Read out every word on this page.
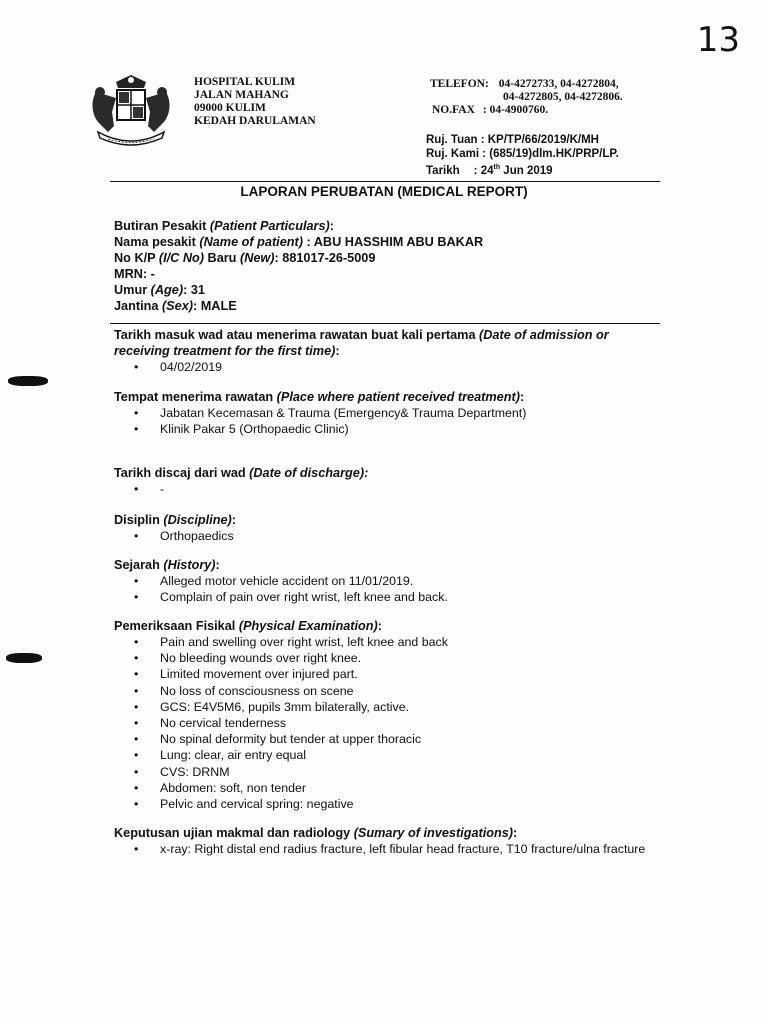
13
HOSPITAL KULIM
JALAN MAHANG
09000 KULIM
KEDAH DARULAMAN
TELEFON: 04-4272733, 04-4272804,
04-4272805, 04-4272806.
NO.FAX : 04-4900760.
Ruj. Tuan : KP/TP/66/2019/K/MH
Ruj. Kami : (685/19)dlm.HK/PRP/LP.
Tarikh : 24th Jun 2019
LAPORAN PERUBATAN (MEDICAL REPORT)
Butiran Pesakit (Patient Particulars):
Nama pesakit (Name of patient) : ABU HASSHIM ABU BAKAR
No K/P (I/C No) Baru (New): 881017-26-5009
MRN: -
Umur (Age): 31
Jantina (Sex): MALE
Tarikh masuk wad atau menerima rawatan buat kali pertama (Date of admission or receiving treatment for the first time):
• 04/02/2019
Tempat menerima rawatan (Place where patient received treatment):
• Jabatan Kecemasan & Trauma (Emergency& Trauma Department)
• Klinik Pakar 5 (Orthopaedic Clinic)
Tarikh discaj dari wad (Date of discharge):
• -
Disiplin (Discipline):
• Orthopaedics
Sejarah (History):
• Alleged motor vehicle accident on 11/01/2019.
• Complain of pain over right wrist, left knee and back.
Pemeriksaan Fisikal (Physical Examination):
• Pain and swelling over right wrist, left knee and back
• No bleeding wounds over right knee.
• Limited movement over injured part.
• No loss of consciousness on scene
• GCS: E4V5M6, pupils 3mm bilaterally, active.
• No cervical tenderness
• No spinal deformity but tender at upper thoracic
• Lung: clear, air entry equal
• CVS: DRNM
• Abdomen: soft, non tender
• Pelvic and cervical spring: negative
Keputusan ujian makmal dan radiology (Sumary of investigations):
• x-ray: Right distal end radius fracture, left fibular head fracture, T10 fracture/ulna fracture
